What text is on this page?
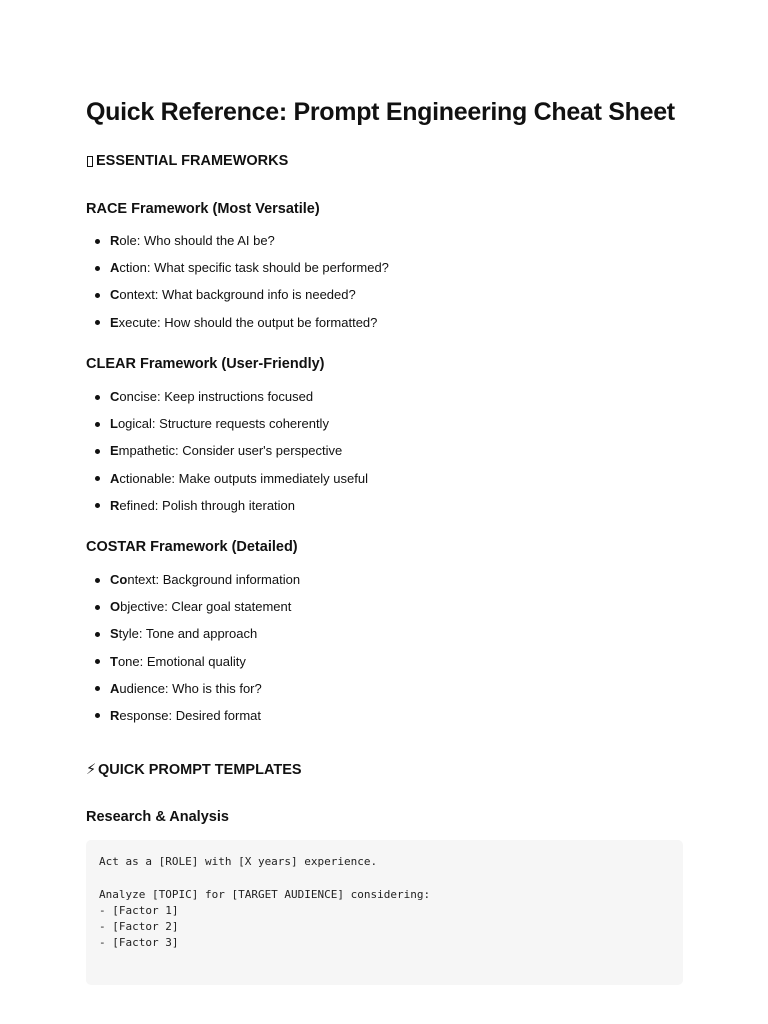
Quick Reference: Prompt Engineering Cheat Sheet
ESSENTIAL FRAMEWORKS
RACE Framework (Most Versatile)
Role: Who should the AI be?
Action: What specific task should be performed?
Context: What background info is needed?
Execute: How should the output be formatted?
CLEAR Framework (User-Friendly)
Concise: Keep instructions focused
Logical: Structure requests coherently
Empathetic: Consider user's perspective
Actionable: Make outputs immediately useful
Refined: Polish through iteration
COSTAR Framework (Detailed)
Context: Background information
Objective: Clear goal statement
Style: Tone and approach
Tone: Emotional quality
Audience: Who is this for?
Response: Desired format
⚡ QUICK PROMPT TEMPLATES
Research & Analysis
Act as a [ROLE] with [X years] experience.
Analyze [TOPIC] for [TARGET AUDIENCE] considering:
- [Factor 1]
- [Factor 2]
- [Factor 3]
